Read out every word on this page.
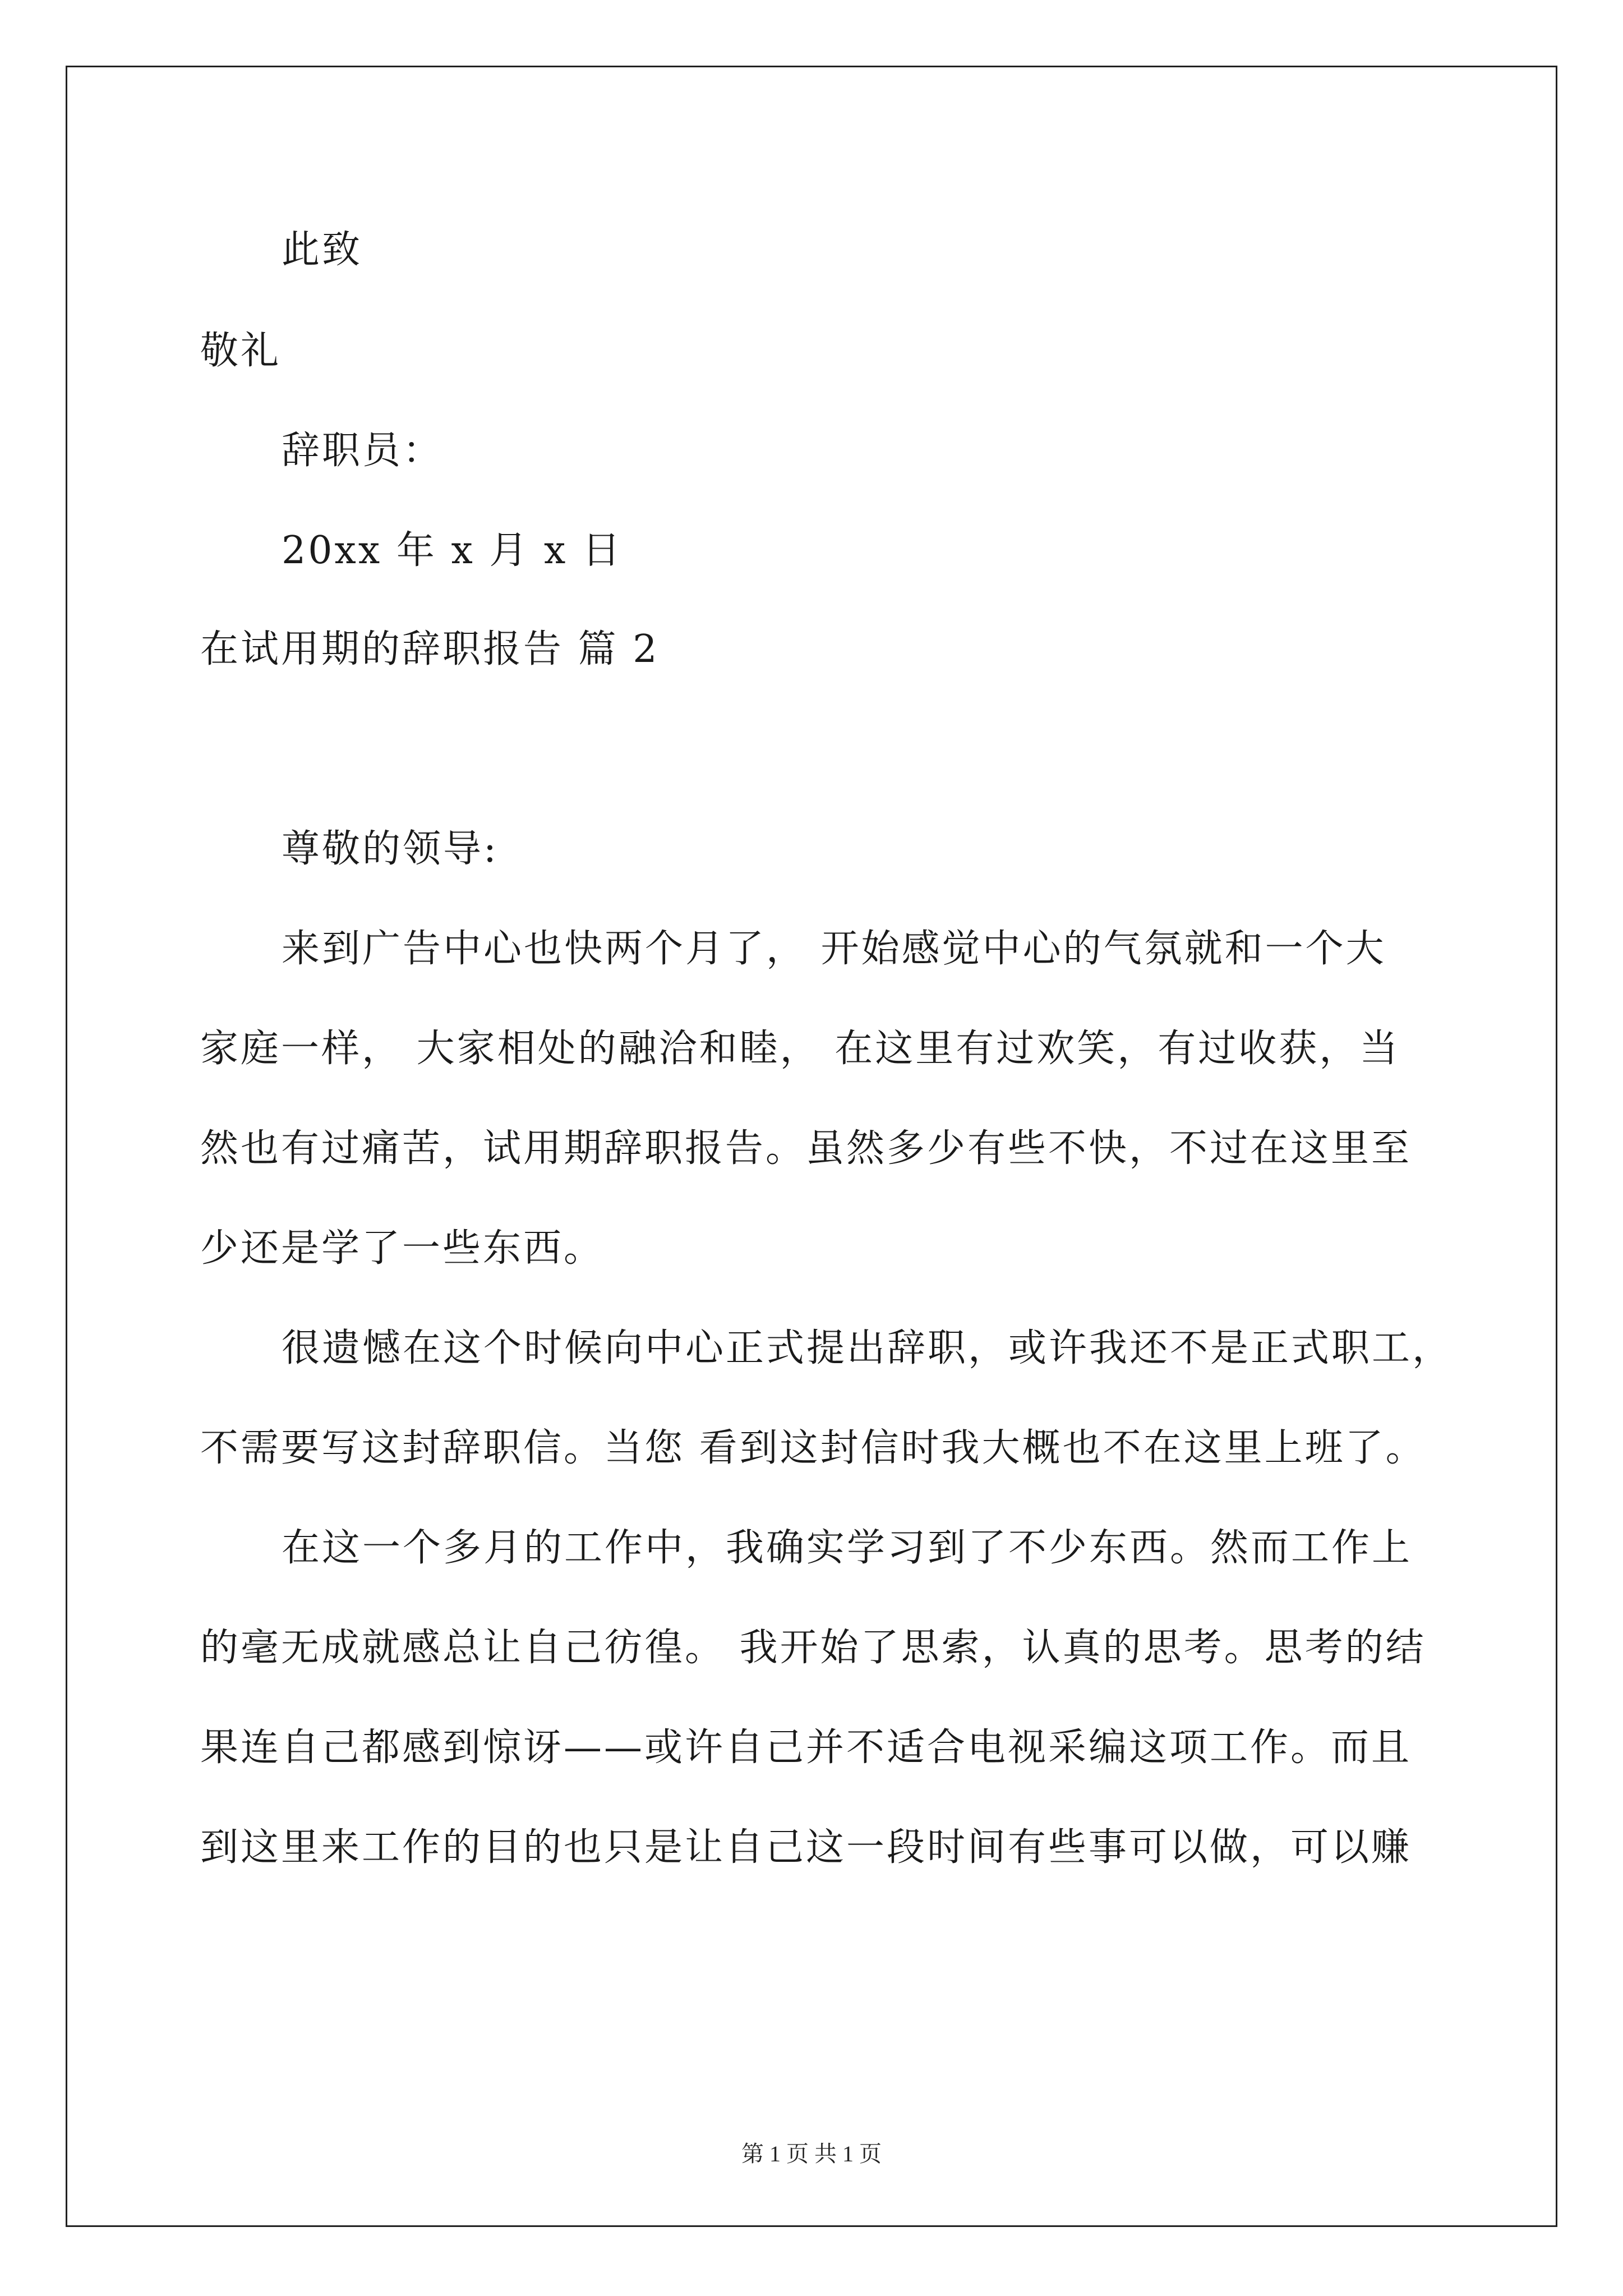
此致
敬礼
辞职员：
20xx 年 x 月 x 日
在试用期的辞职报告 篇 2
尊敬的领导:
来到广告中心也快两个月了， 开始感觉中心的气氛就和一个大
家庭一样， 大家相处的融洽和睦， 在这里有过欢笑，有过收获，当
然也有过痛苦，试用期辞职报告。虽然多少有些不快，不过在这里至
少还是学了一些东西。
很遗憾在这个时候向中心正式提出辞职，或许我还不是正式职工，
不需要写这封辞职信。当您 看到这封信时我大概也不在这里上班了。
在这一个多月的工作中，我确实学习到了不少东西。然而工作上
的毫无成就感总让自己彷徨。 我开始了思索，认真的思考。思考的结
果连自己都感到惊讶——或许自己并不适合电视采编这项工作。而且
到这里来工作的目的也只是让自己这一段时间有些事可以做，可以赚
第 1 页 共 1 页
